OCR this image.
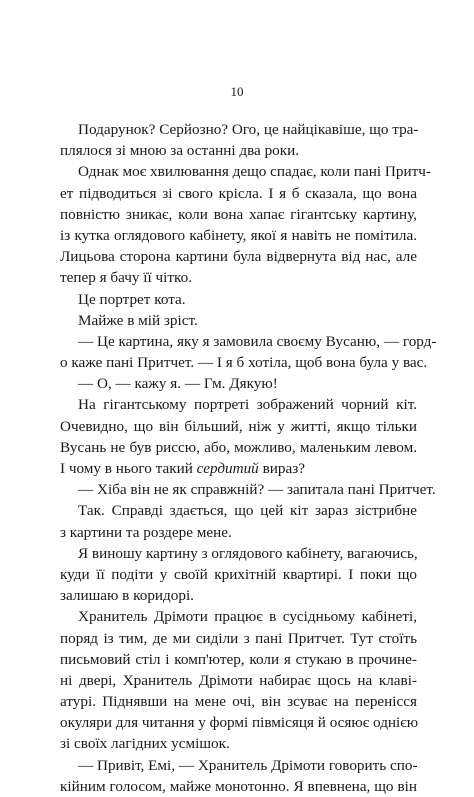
10
Подарунок? Серйозно? Ого, це найцікавіше, що тра-
плялося зі мною за останні два роки.
Однак моє хвилювання дещо спадає, коли пані Притч-
ет підводиться зі свого крісла. І я б сказала, що вона
повністю зникає, коли вона хапає гігантську картину,
із кутка оглядового кабінету, якої я навіть не помітила.
Лицьова сторона картини була відвернута від нас, але
тепер я бачу її чітко.
Це портрет кота.
Майже в мій зріст.
— Це картина, яку я замовила своєму Вусаню, — горд-
о каже пані Притчет. — І я б хотіла, щоб вона була у вас.
— О, — кажу я. — Гм. Дякую!
На гігантському портреті зображений чорний кіт.
Очевидно, що він більший, ніж у житті, якщо тільки
Вусань не був риссю, або, можливо, маленьким левом.
І чому в нього такий сердитий вираз?
— Хіба він не як справжній? — запитала пані Притчет.
Так. Справді здається, що цей кіт зараз зістрибне
з картини та роздере мене.
Я виношу картину з оглядового кабінету, вагаючись,
куди її подіти у своїй крихітній квартирі. І поки що
залишаю в коридорі.
Хранитель Дрімоти працює в сусідньому кабінеті,
поряд із тим, де ми сиділи з пані Притчет. Тут стоїть
письмовий стіл і комп'ютер, коли я стукаю в прочине-
ні двері, Хранитель Дрімоти набирає щось на клаві-
атурі. Піднявши на мене очі, він зсуває на перенісся
окуляри для читання у формі півмісяця й осяює однією
зі своїх лагідних усмішок.
— Привіт, Емі, — Хранитель Дрімоти говорить спо-
кійним голосом, майже монотонно. Я впевнена, що він
